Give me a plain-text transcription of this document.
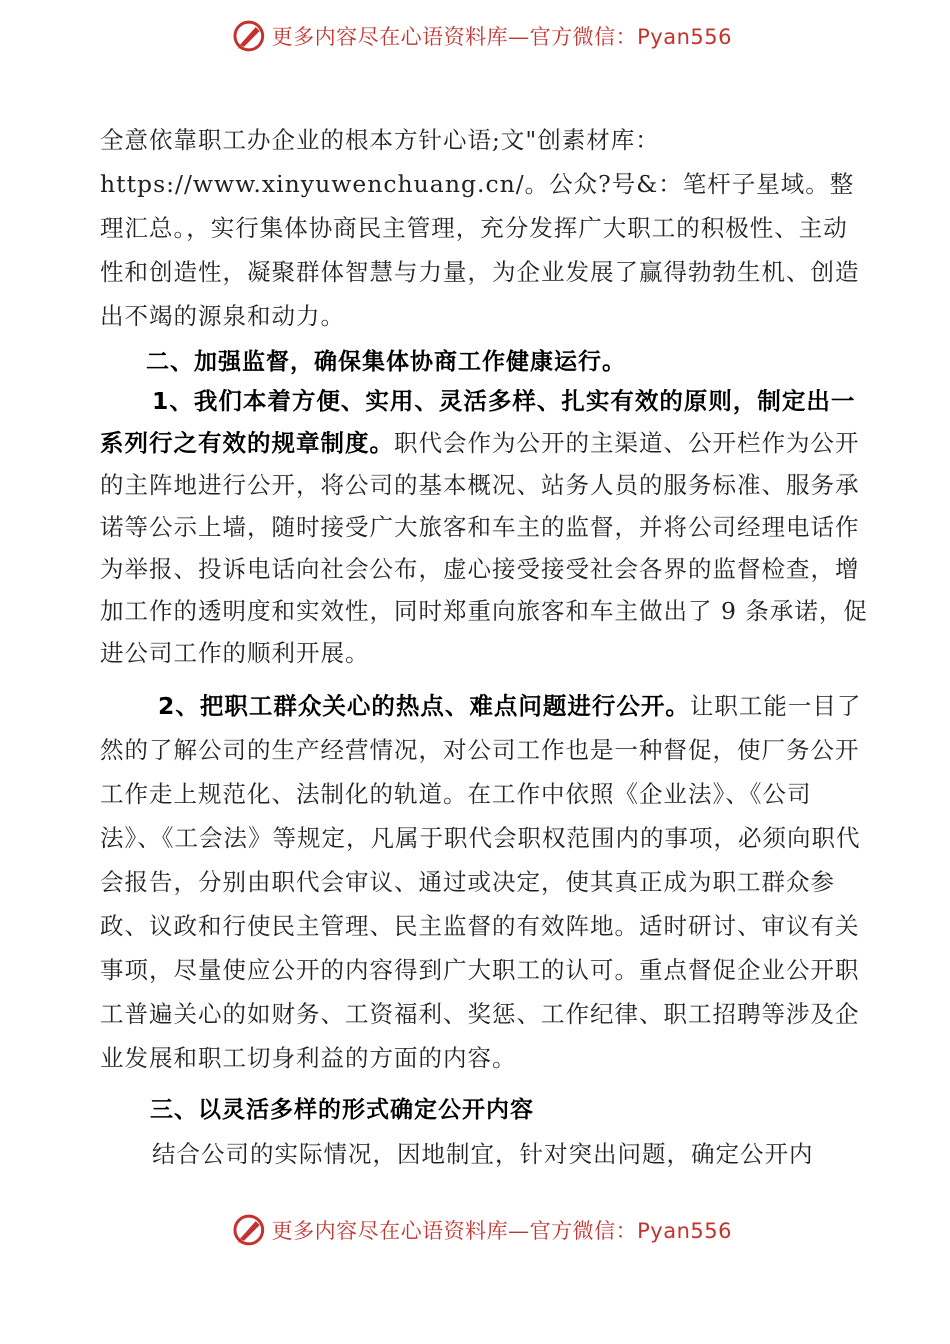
更多内容尽在心语资料库—官方微信：Pyan556

全意依靠职工办企业的根本方针心语;文"创素材库：https://www.xinyuwenchuang.cn/。公众?号&：笔杆子星域。整理汇总。，实行集体协商民主管理，充分发挥广大职工的积极性、主动性和创造性，凝聚群体智慧与力量，为企业发展了赢得勃勃生机、创造出不竭的源泉和动力。

二、加强监督，确保集体协商工作健康运行。

1、我们本着方便、实用、灵活多样、扎实有效的原则，制定出一系列行之有效的规章制度。职代会作为公开的主渠道、公开栏作为公开的主阵地进行公开，将公司的基本概况、站务人员的服务标准、服务承诺等公示上墙，随时接受广大旅客和车主的监督，并将公司经理电话作为举报、投诉电话向社会公布，虚心接受接受社会各界的监督检查，增加工作的透明度和实效性，同时郑重向旅客和车主做出了 9 条承诺，促进公司工作的顺利开展。

2、把职工群众关心的热点、难点问题进行公开。让职工能一目了然的了解公司的生产经营情况，对公司工作也是一种督促，使厂务公开工作走上规范化、法制化的轨道。在工作中依照《企业法》、《公司法》、《工会法》等规定，凡属于职代会职权范围内的事项，必须向职代会报告，分别由职代会审议、通过或决定，使其真正成为职工群众参政、议政和行使民主管理、民主监督的有效阵地。适时研讨、审议有关事项，尽量使应公开的内容得到广大职工的认可。重点督促企业公开职工普遍关心的如财务、工资福利、奖惩、工作纪律、职工招聘等涉及企业发展和职工切身利益的方面的内容。

三、以灵活多样的形式确定公开内容

结合公司的实际情况，因地制宜，针对突出问题，确定公开内

更多内容尽在心语资料库—官方微信：Pyan556
